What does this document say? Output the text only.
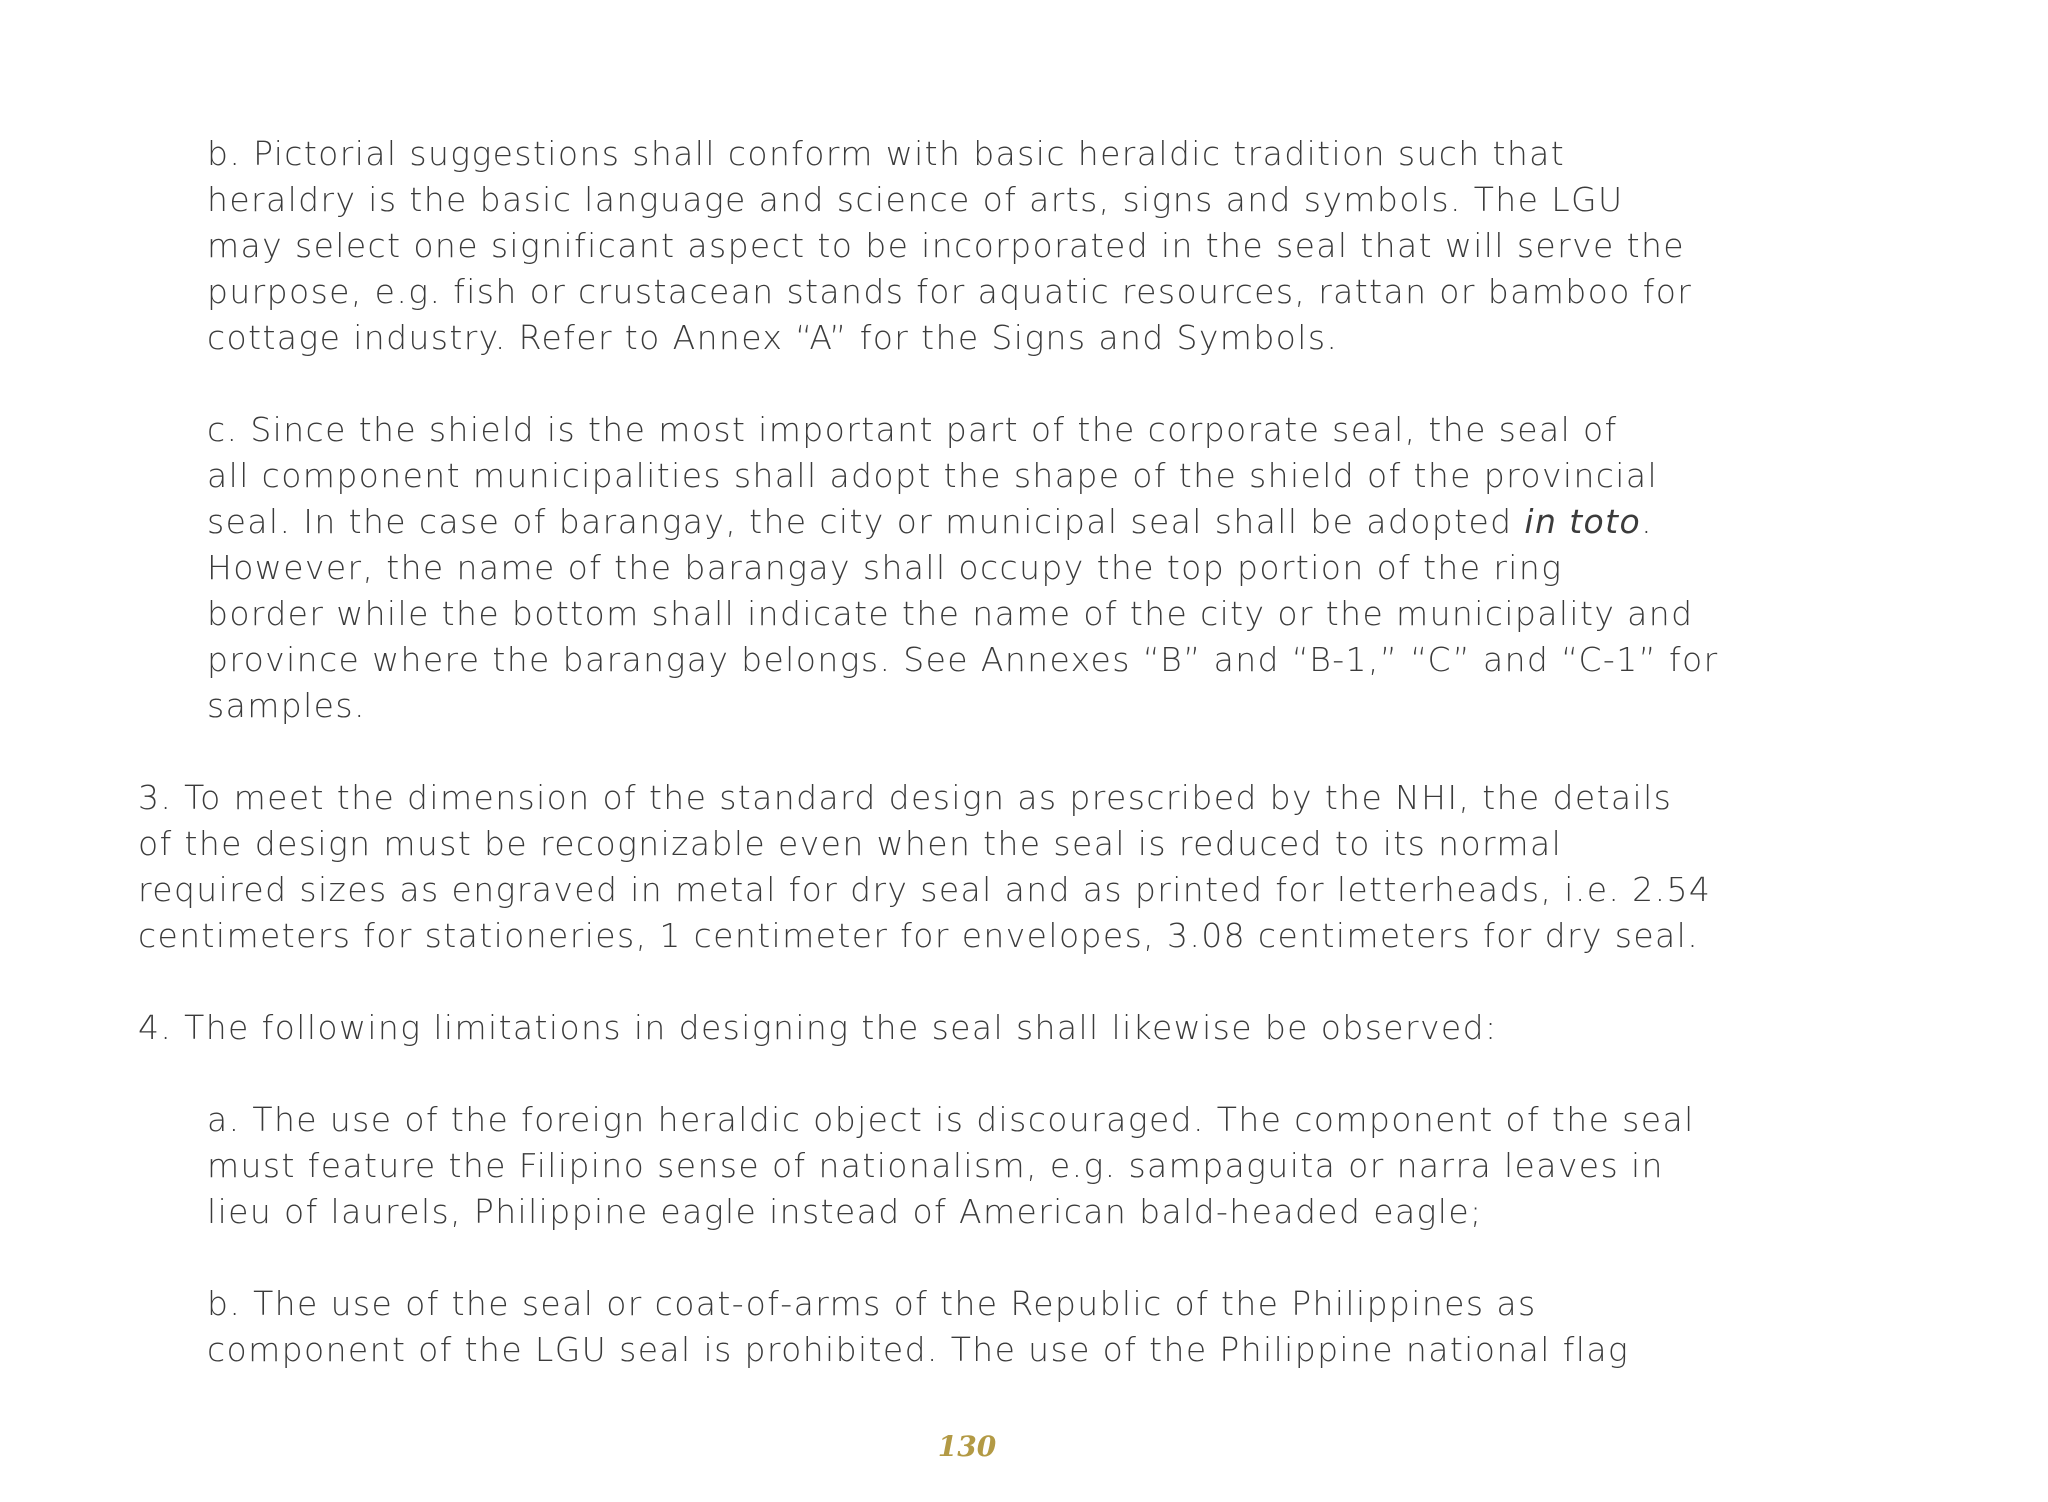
b. Pictorial suggestions shall conform with basic heraldic tradition such that
heraldry is the basic language and science of arts, signs and symbols. The LGU
may select one significant aspect to be incorporated in the seal that will serve the
purpose, e.g. fish or crustacean stands for aquatic resources, rattan or bamboo for
cottage industry. Refer to Annex “A” for the Signs and Symbols.

c. Since the shield is the most important part of the corporate seal, the seal of
all component municipalities shall adopt the shape of the shield of the provincial
seal. In the case of barangay, the city or municipal seal shall be adopted in toto.
However, the name of the barangay shall occupy the top portion of the ring
border while the bottom shall indicate the name of the city or the municipality and
province where the barangay belongs. See Annexes “B” and “B-1,” “C” and “C-1” for
samples.

3. To meet the dimension of the standard design as prescribed by the NHI, the details
of the design must be recognizable even when the seal is reduced to its normal
required sizes as engraved in metal for dry seal and as printed for letterheads, i.e. 2.54
centimeters for stationeries, 1 centimeter for envelopes, 3.08 centimeters for dry seal.

4. The following limitations in designing the seal shall likewise be observed:

a. The use of the foreign heraldic object is discouraged. The component of the seal
must feature the Filipino sense of nationalism, e.g. sampaguita or narra leaves in
lieu of laurels, Philippine eagle instead of American bald-headed eagle;

b. The use of the seal or coat-of-arms of the Republic of the Philippines as
component of the LGU seal is prohibited. The use of the Philippine national flag

130
